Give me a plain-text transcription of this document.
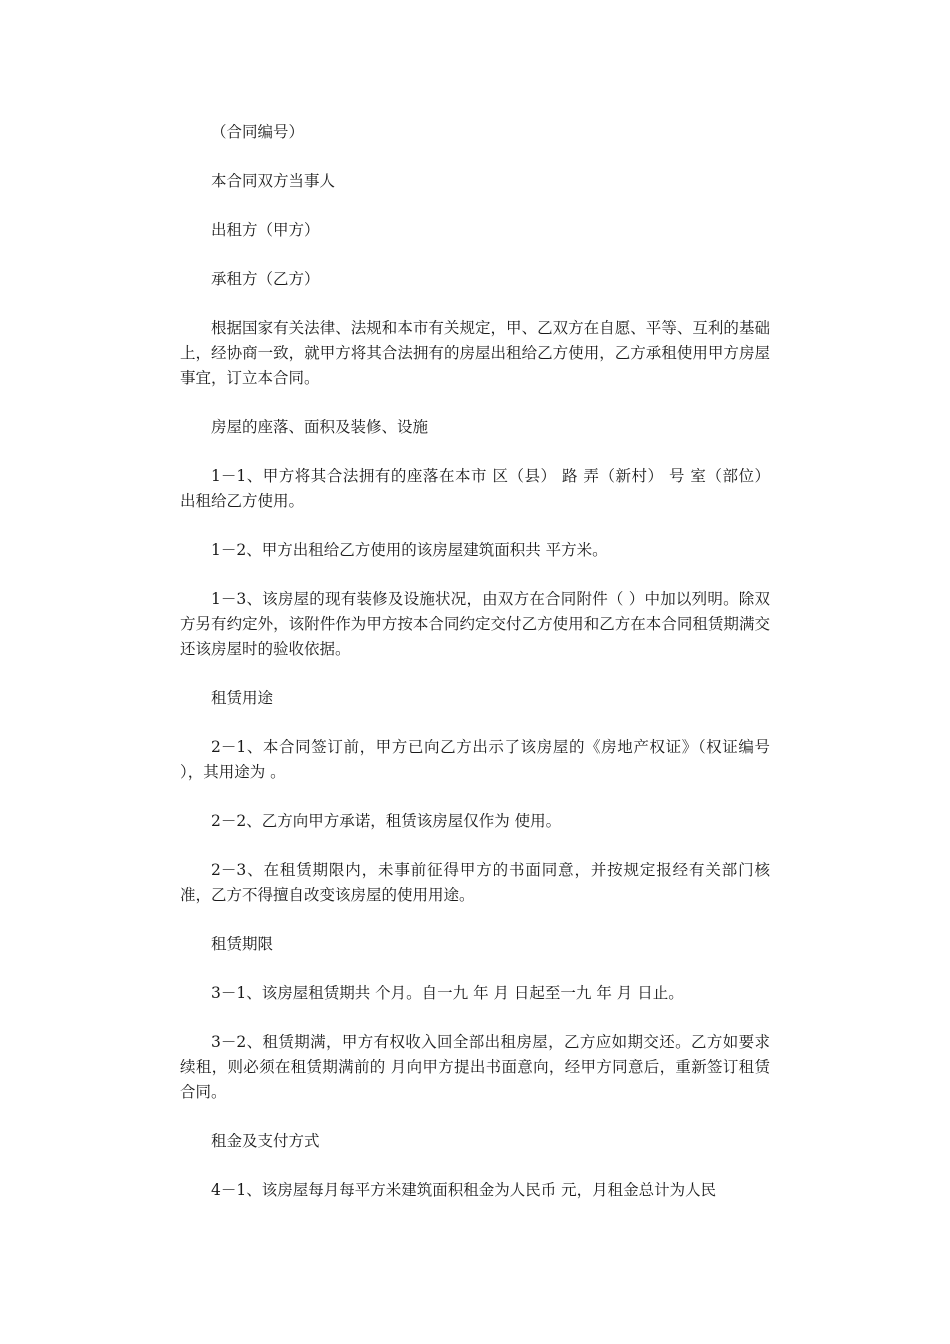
（合同编号）

本合同双方当事人

出租方（甲方）

承租方（乙方）

根据国家有关法律、法规和本市有关规定，甲、乙双方在自愿、平等、互利的基础上，经协商一致，就甲方将其合法拥有的房屋出租给乙方使用，乙方承租使用甲方房屋事宜，订立本合同。

房屋的座落、面积及装修、设施

1－1、甲方将其合法拥有的座落在本市 区（县） 路 弄（新村） 号 室（部位） 出租给乙方使用。

1－2、甲方出租给乙方使用的该房屋建筑面积共 平方米。

1－3、该房屋的现有装修及设施状况，由双方在合同附件（ ）中加以列明。除双方另有约定外，该附件作为甲方按本合同约定交付乙方使用和乙方在本合同租赁期满交还该房屋时的验收依据。

租赁用途

2－1、本合同签订前，甲方已向乙方出示了该房屋的《房地产权证》（权证编号 ），其用途为 。

2－2、乙方向甲方承诺，租赁该房屋仅作为 使用。

2－3、在租赁期限内，未事前征得甲方的书面同意，并按规定报经有关部门核准，乙方不得擅自改变该房屋的使用用途。

租赁期限

3－1、该房屋租赁期共 个月。自一九 年 月 日起至一九 年 月 日止。

3－2、租赁期满，甲方有权收入回全部出租房屋，乙方应如期交还。乙方如要求续租，则必须在租赁期满前的 月向甲方提出书面意向，经甲方同意后，重新签订租赁合同。

租金及支付方式

4－1、该房屋每月每平方米建筑面积租金为人民币 元，月租金总计为人民
